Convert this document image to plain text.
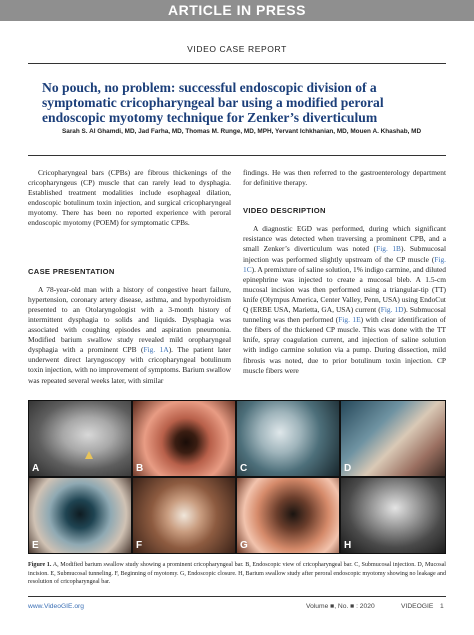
ARTICLE IN PRESS
VIDEO CASE REPORT
No pouch, no problem: successful endoscopic division of a symptomatic cricopharyngeal bar using a modified peroral endoscopic myotomy technique for Zenker’s diverticulum
Sarah S. Al Ghamdi, MD, Jad Farha, MD, Thomas M. Runge, MD, MPH, Yervant Ichkhanian, MD, Mouen A. Khashab, MD

Cricopharyngeal bars (CPBs) are fibrous thickenings of the cricopharyngeus (CP) muscle that can rarely lead to dysphagia. Established treatment modalities include esophageal dilation, endoscopic botulinum toxin injection, and surgical cricopharyngeal myotomy. There has been no reported experience with peroral endoscopic myotomy (POEM) for symptomatic CPBs.

CASE PRESENTATION

A 78-year-old man with a history of congestive heart failure, hypertension, coronary artery disease, asthma, and hypothyroidism presented to an Otolaryngologist with a 3-month history of intermittent dysphagia to solids and liquids. Dysphagia was associated with coughing episodes and aspiration pneumonia. Modified barium swallow study revealed mild oropharyngeal dysphagia with a prominent CPB (Fig. 1A). The patient later underwent direct laryngoscopy with cricopharyngeal botulinum toxin injection, with no improvement of symptoms. Barium swallow was repeated several weeks later, with similar

findings. He was then referred to the gastroenterology department for definitive therapy.

VIDEO DESCRIPTION

A diagnostic EGD was performed, during which significant resistance was detected when traversing a prominent CPB, and a small Zenker’s diverticulum was noted (Fig. 1B). Submucosal injection was performed slightly upstream of the CP muscle (Fig. 1C). A premixture of saline solution, 1% indigo carmine, and diluted epinephrine was injected to create a mucosal bleb. A 1.5-cm mucosal incision was then performed using a triangular-tip (TT) knife (Olympus America, Center Valley, Penn, USA) using EndoCut Q (ERBE USA, Marietta, GA, USA) current (Fig. 1D). Submucosal tunneling was then performed (Fig. 1E) with clear identification of the fibers of the thickened CP muscle. This was done with the TT knife, spray coagulation current, and injection of saline solution with indigo carmine solution via a pump. During dissection, mild fibrosis was noted, due to prior botulinum toxin injection. CP muscle fibers were

A	B	C	D
E	F	G	H
Figure 1. A, Modified barium swallow study showing a prominent cricopharyngeal bar. B, Endoscopic view of cricopharyngeal bar. C, Submucosal injection. D, Mucosal incision. E, Submucosal tunneling. F, Beginning of myotomy. G, Endoscopic closure. H, Barium swallow study after peroral endoscopic myotomy showing no leakage and resolution of cricopharyngeal bar.
www.VideoGIE.org	Volume ■, No. ■ : 2020	VIDEOGIE 1
